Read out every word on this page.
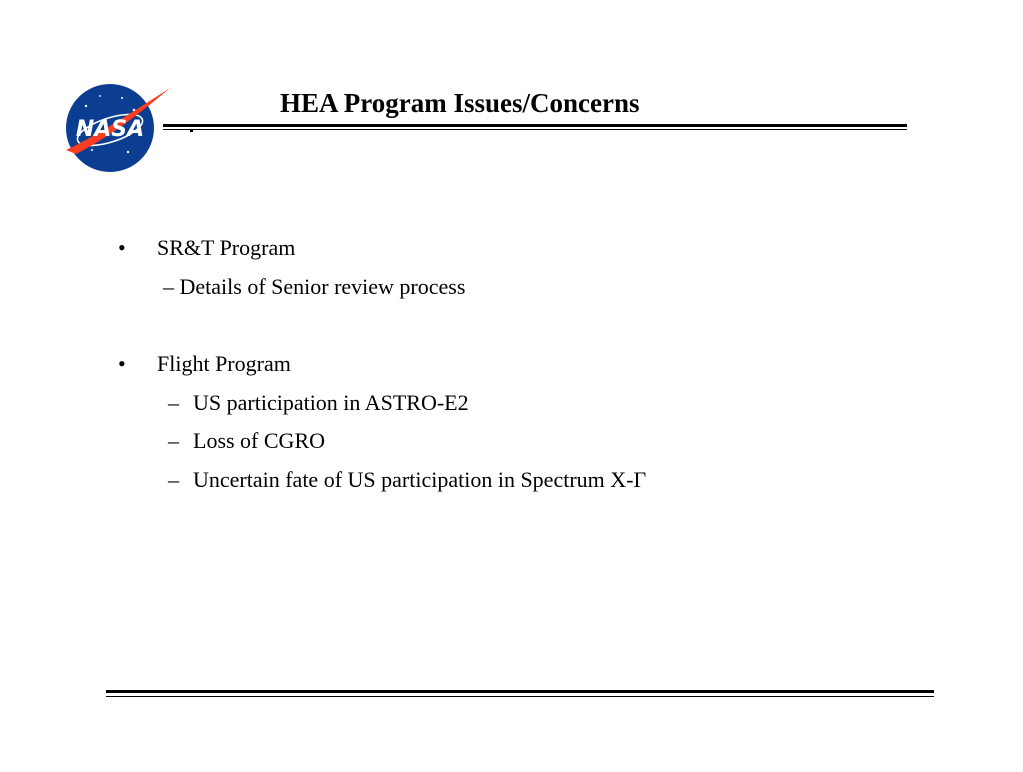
NASA
HEA Program Issues/Concerns
• SR&T Program
– Details of Senior review process
• Flight Program
– US participation in ASTRO-E2
– Loss of CGRO
– Uncertain fate of US participation in Spectrum X-Γ
